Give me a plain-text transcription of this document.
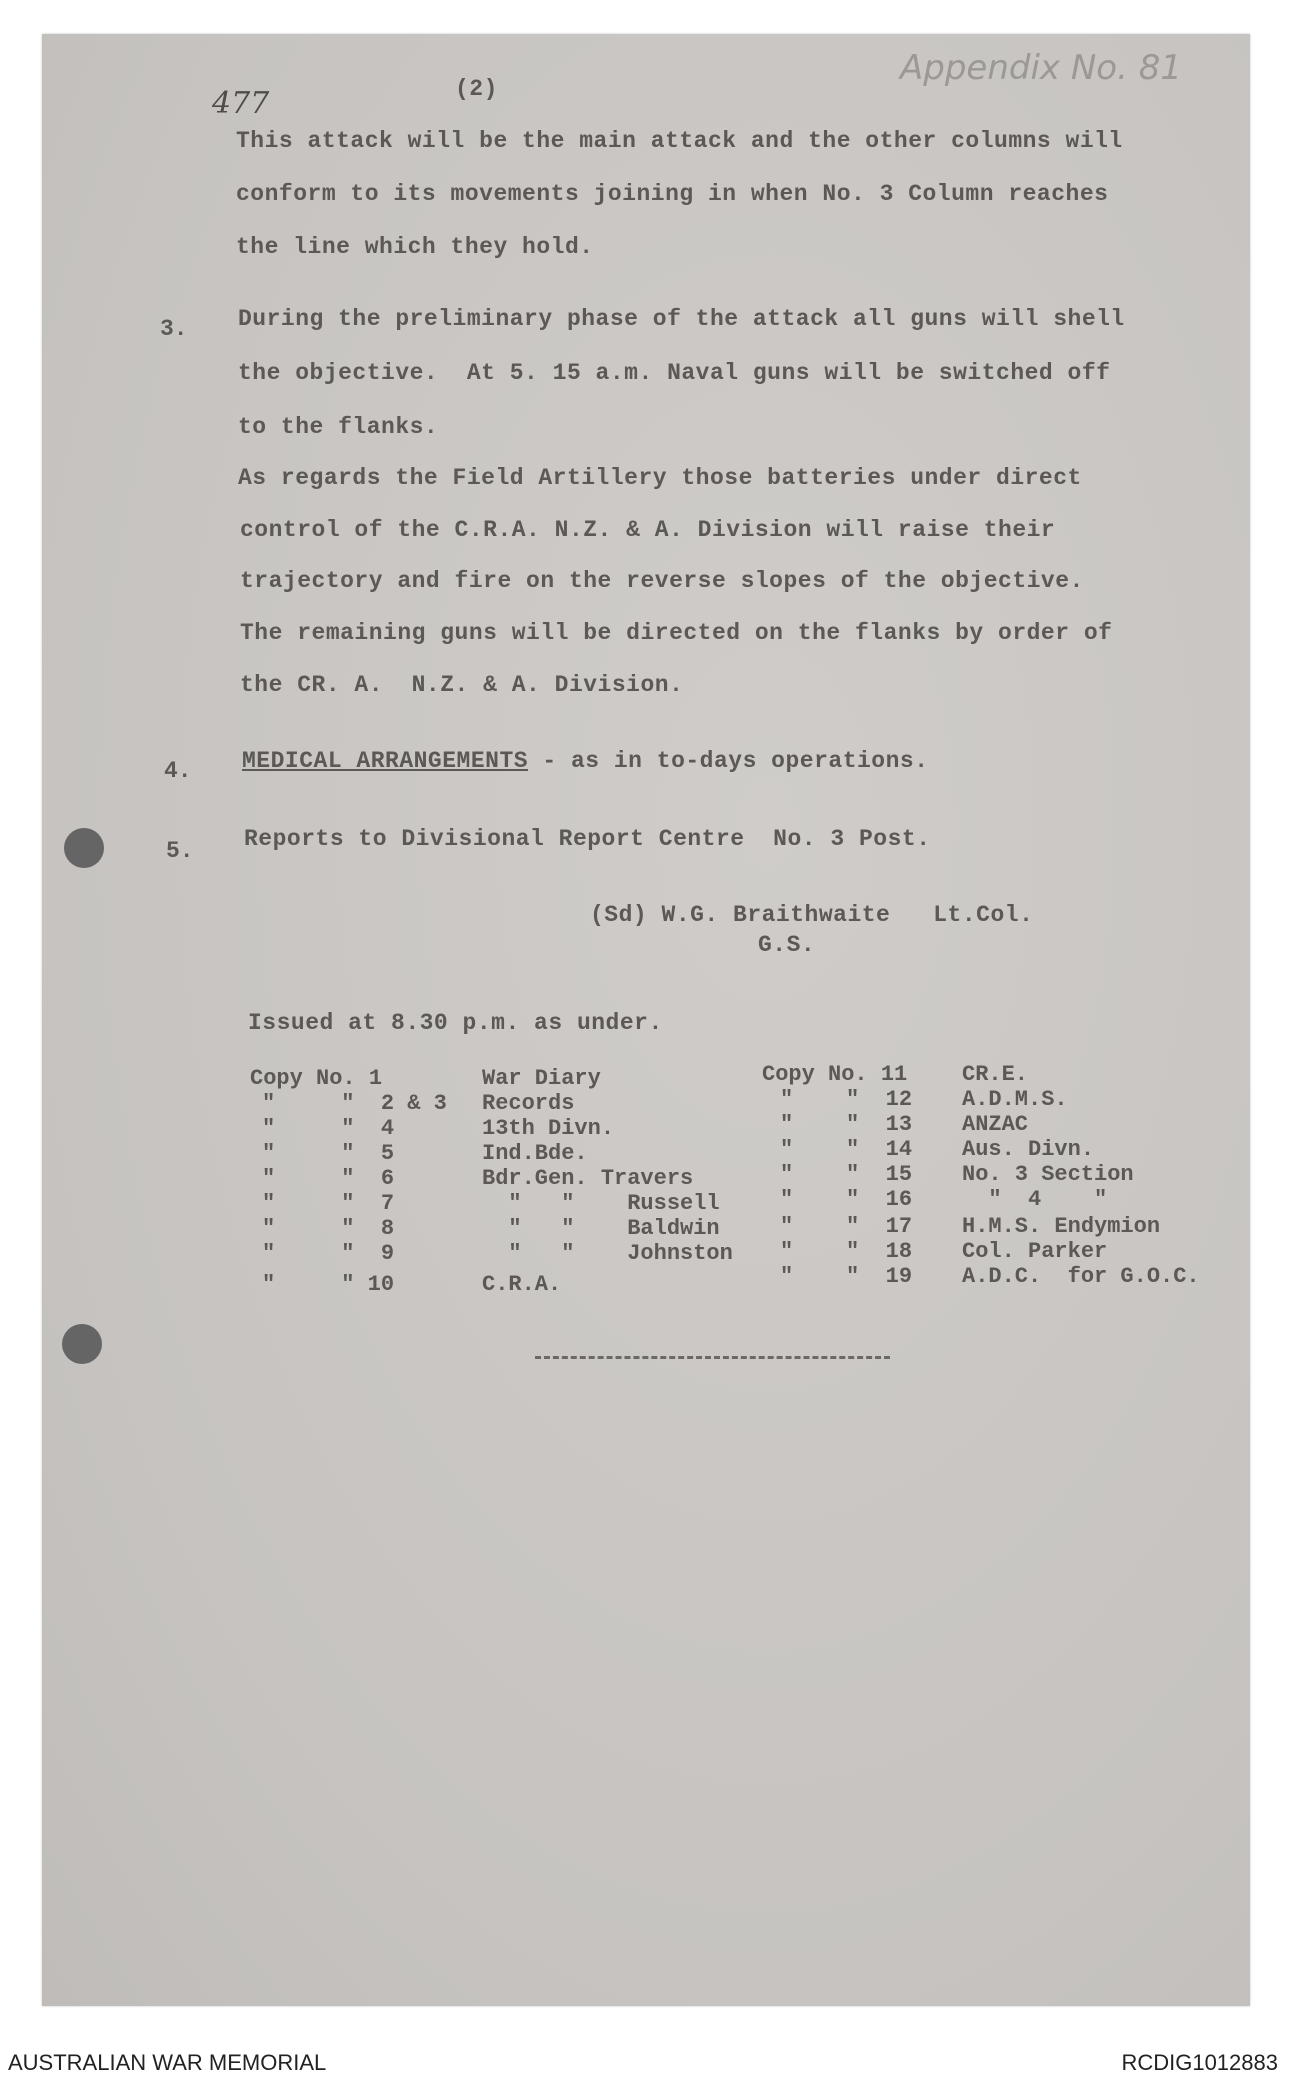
477	(2)
Appendix No. 81
This attack will be the main attack and the other columns will
conform to its movements joining in when No. 3 Column reaches
the line which they hold.
3. During the preliminary phase of the attack all guns will shell
the objective.  At 5. 15 a.m. Naval guns will be switched off
to the flanks.
As regards the Field Artillery those batteries under direct
control of the C.R.A. N.Z. & A. Division will raise their
trajectory and fire on the reverse slopes of the objective.
The remaining guns will be directed on the flanks by order of
the CR. A.  N.Z. & A. Division.
4. MEDICAL ARRANGEMENTS - as in to-days operations.
5. Reports to Divisional Report Centre  No. 3 Post.
(Sd) W.G. Braithwaite   Lt.Col.
G.S.
Issued at 8.30 p.m. as under.
Copy No. 1	War Diary
"     "  2 & 3 Records
"     "  4	13th Divn.
"     "  5	Ind.Bde.
"     "  6	Bdr.Gen. Travers
"     "  7	"   "    Russell
"     "  8	"   "    Baldwin
"     "  9	"   "    Johnston
"     " 10	C.R.A.
Copy No. 11 CR.E.
"    "  12 A.D.M.S.
"    "  13 ANZAC
"    "  14 Aus. Divn.
"    "  15 No. 3 Section
"    "  16 "  4    "
"    "  17 H.M.S. Endymion
"    "  18 Col. Parker
"    "  19 A.D.C.  for G.O.C.
AUSTRALIAN WAR MEMORIAL	RCDIG1012883
